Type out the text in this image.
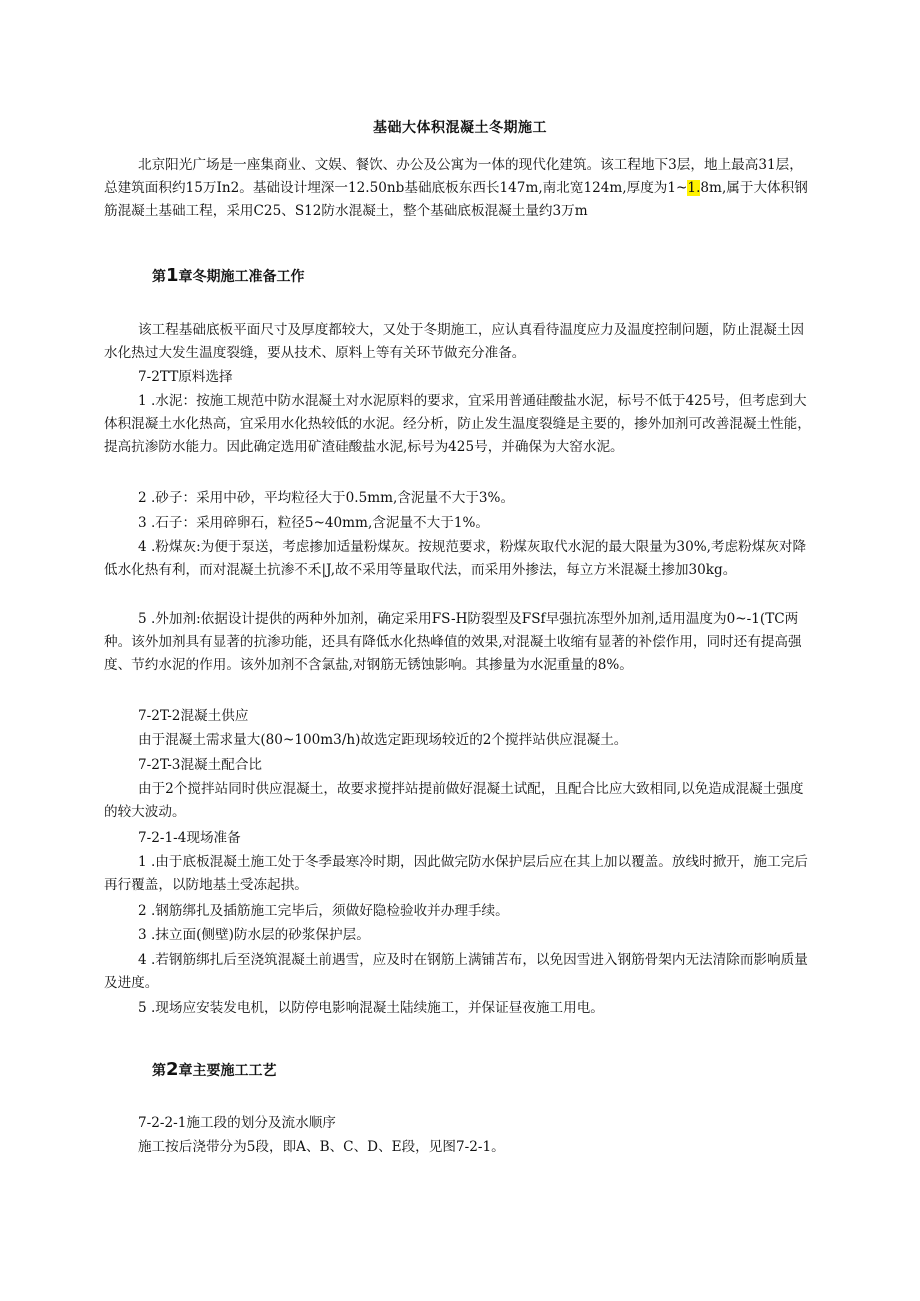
基础大体积混凝土冬期施工

北京阳光广场是一座集商业、文娱、餐饮、办公及公寓为一体的现代化建筑。该工程地下3层，地上最高31层，总建筑面积约15万In2。基础设计埋深一12.50nb基础底板东西长147m,南北宽124m,厚度为1~1.8m,属于大体积钢筋混凝土基础工程，采用C25、S12防水混凝土，整个基础底板混凝土量约3万m

第1章冬期施工准备工作

该工程基础底板平面尺寸及厚度都较大，又处于冬期施工，应认真看待温度应力及温度控制问题，防止混凝土因水化热过大发生温度裂缝，要从技术、原料上等有关环节做充分准备。

7-2TT原料选择

1 .水泥：按施工规范中防水混凝土对水泥原料的要求，宜采用普通硅酸盐水泥，标号不低于425号，但考虑到大体积混凝土水化热高，宜采用水化热较低的水泥。经分析，防止发生温度裂缝是主要的，掺外加剂可改善混凝土性能，提高抗渗防水能力。因此确定选用矿渣硅酸盐水泥,标号为425号，并确保为大窑水泥。

2 .砂子：采用中砂，平均粒径大于0.5mm,含泥量不大于3%。

3 .石子：采用碎卵石，粒径5~40mm,含泥量不大于1%。

4 .粉煤灰:为便于泵送，考虑掺加适量粉煤灰。按规范要求，粉煤灰取代水泥的最大限量为30%,考虑粉煤灰对降低水化热有利，而对混凝土抗渗不禾|J,故不采用等量取代法，而采用外掺法，每立方米混凝土掺加30kg。

5 .外加剂:依据设计提供的两种外加剂，确定采用FS-H防裂型及FSf早强抗冻型外加剂,适用温度为0~-1(TC两种。该外加剂具有显著的抗渗功能，还具有降低水化热峰值的效果,对混凝土收缩有显著的补偿作用，同时还有提高强度、节约水泥的作用。该外加剂不含氯盐,对钢筋无锈蚀影响。其掺量为水泥重量的8%。

7-2T-2混凝土供应

由于混凝土需求量大(80~100m3/h)故选定距现场较近的2个搅拌站供应混凝土。

7-2T-3混凝土配合比

由于2个搅拌站同时供应混凝土，故要求搅拌站提前做好混凝土试配，且配合比应大致相同,以免造成混凝土强度的较大波动。

7-2-1-4现场准备

1 .由于底板混凝土施工处于冬季最寒冷时期，因此做完防水保护层后应在其上加以覆盖。放线时掀开，施工完后再行覆盖，以防地基土受冻起拱。

2 .钢筋绑扎及插筋施工完毕后，须做好隐检验收并办理手续。

3 .抹立面(侧壁)防水层的砂浆保护层。

4 .若钢筋绑扎后至浇筑混凝土前遇雪，应及时在钢筋上满铺苫布，以免因雪进入钢筋骨架内无法清除而影响质量及进度。

5 .现场应安装发电机，以防停电影响混凝土陆续施工，并保证昼夜施工用电。

第2章主要施工工艺

7-2-2-1施工段的划分及流水顺序

施工按后浇带分为5段，即A、B、C、D、E段，见图7-2-1。
